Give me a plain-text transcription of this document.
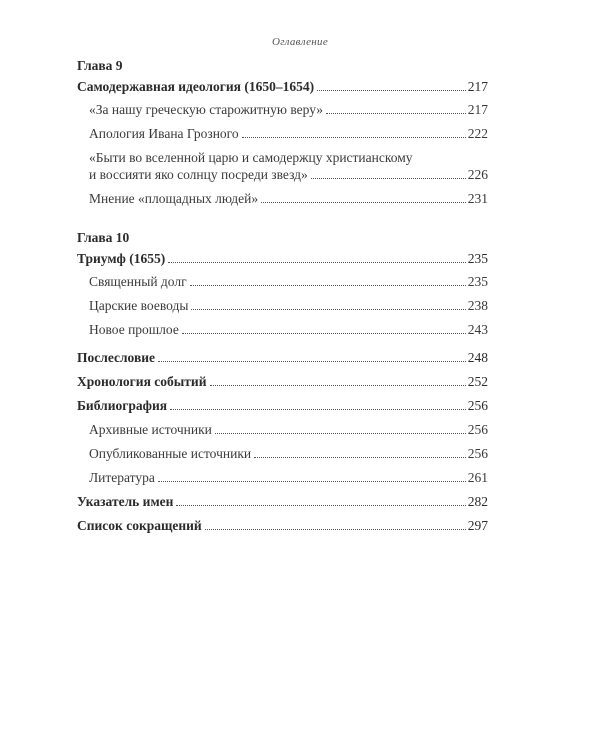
Оглавление
Глава 9
Самодержавная идеология (1650–1654)	217
«За нашу греческую старожитную веру»	217
Апология Ивана Грозного	222
«Быти во вселенной царю и самодержцу христианскому
и воссияти яко солнцу посреди звезд»	226
Мнение «площадных людей»	231
Глава 10
Триумф (1655)	235
Священный долг	235
Царские воеводы	238
Новое прошлое	243
Послесловие	248
Хронология событий	252
Библиография	256
Архивные источники	256
Опубликованные источники	256
Литература	261
Указатель имен	282
Список сокращений	297
